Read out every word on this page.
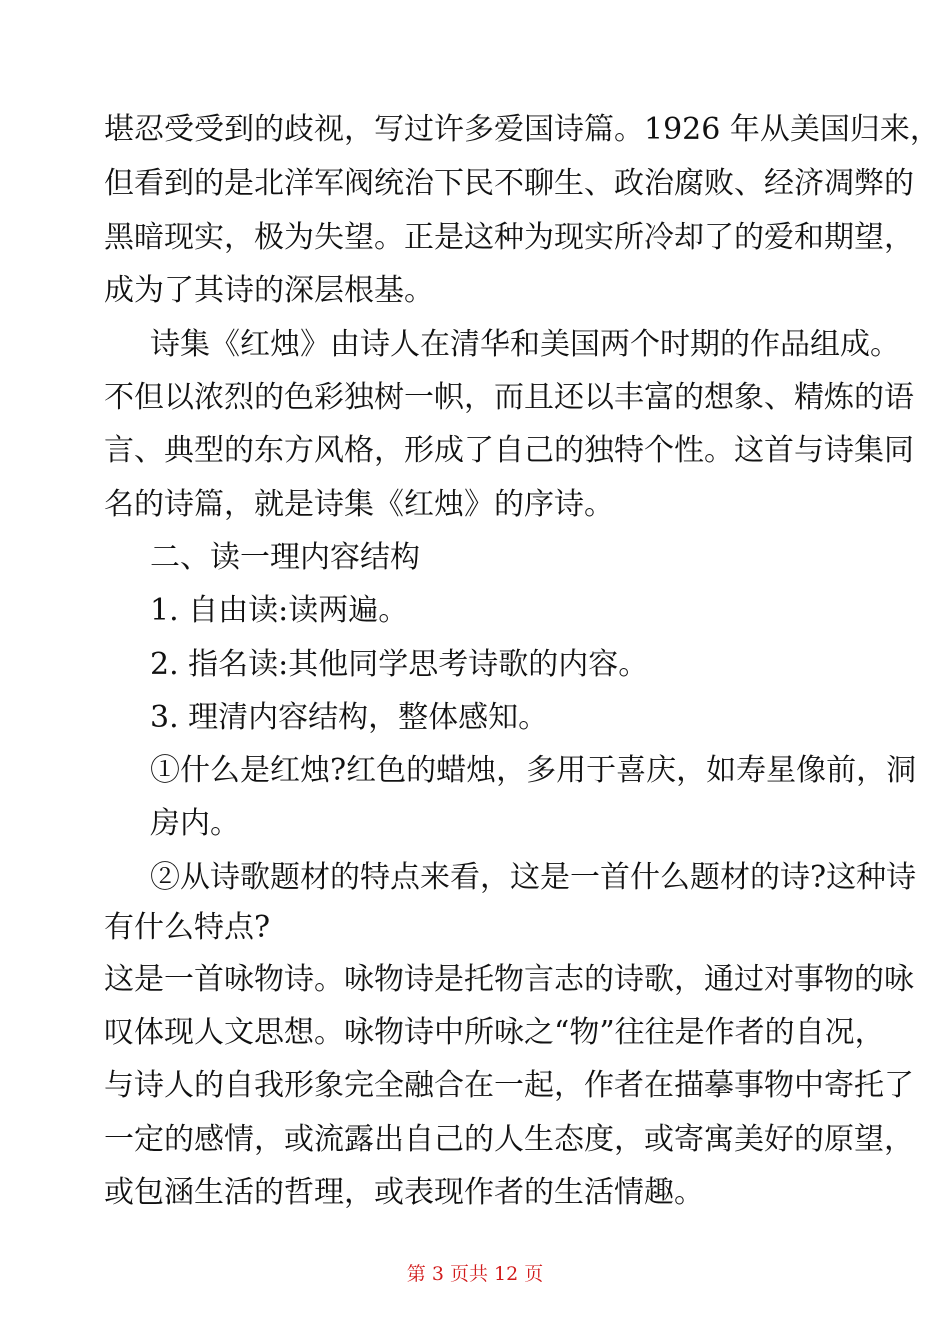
堪忍受受到的歧视，写过许多爱国诗篇。1926 年从美国归来，
但看到的是北洋军阀统治下民不聊生、政治腐败、经济凋弊的
黑暗现实，极为失望。正是这种为现实所冷却了的爱和期望，
成为了其诗的深层根基。
诗集《红烛》由诗人在清华和美国两个时期的作品组成。
不但以浓烈的色彩独树一帜，而且还以丰富的想象、精炼的语
言、典型的东方风格，形成了自己的独特个性。这首与诗集同
名的诗篇，就是诗集《红烛》的序诗。
二、读一理内容结构
1. 自由读:读两遍。
2. 指名读:其他同学思考诗歌的内容。
3. 理清内容结构，整体感知。
①什么是红烛?红色的蜡烛，多用于喜庆，如寿星像前，洞
房内。
②从诗歌题材的特点来看，这是一首什么题材的诗?这种诗
有什么特点?
这是一首咏物诗。咏物诗是托物言志的诗歌，通过对事物的咏
叹体现人文思想。咏物诗中所咏之“物”往往是作者的自况，
与诗人的自我形象完全融合在一起，作者在描摹事物中寄托了
一定的感情，或流露出自己的人生态度，或寄寓美好的原望，
或包涵生活的哲理，或表现作者的生活情趣。
第 3 页共 12 页
